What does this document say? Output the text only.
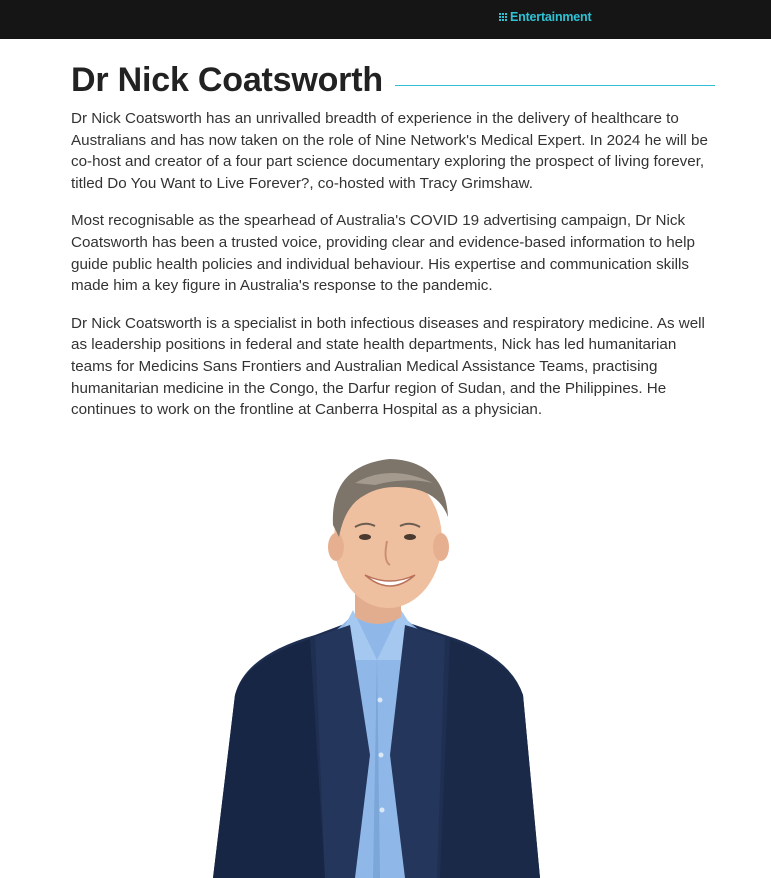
Entertainment
Dr Nick Coatsworth

Dr Nick Coatsworth has an unrivalled breadth of experience in the delivery of healthcare to Australians and has now taken on the role of Nine Network's Medical Expert. In 2024 he will be co-host and creator of a four part science documentary exploring the prospect of living forever, titled Do You Want to Live Forever?, co-hosted with Tracy Grimshaw.

Most recognisable as the spearhead of Australia's COVID 19 advertising campaign, Dr Nick Coatsworth has been a trusted voice, providing clear and evidence-based information to help guide public health policies and individual behaviour. His expertise and communication skills made him a key figure in Australia's response to the pandemic.

Dr Nick Coatsworth is a specialist in both infectious diseases and respiratory medicine. As well as leadership positions in federal and state health departments, Nick has led humanitarian teams for Medicins Sans Frontiers and Australian Medical Assistance Teams, practising humanitarian medicine in the Congo, the Darfur region of Sudan, and the Philippines. He continues to work on the frontline at Canberra Hospital as a physician.
